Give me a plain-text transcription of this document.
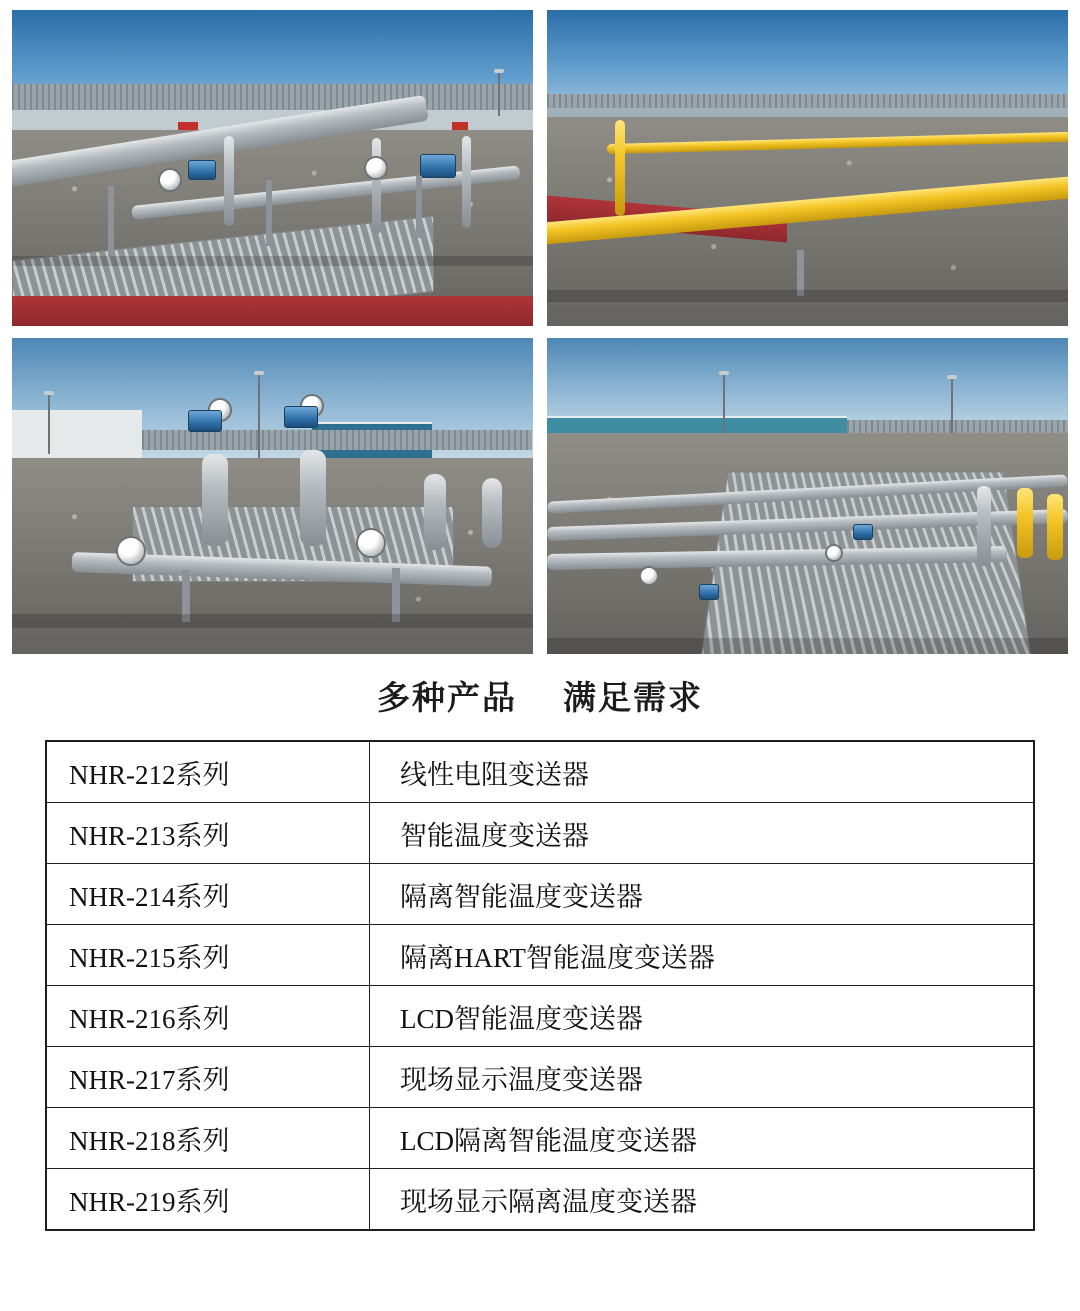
多种产品 满足需求
NHR-212系列	线性电阻变送器
NHR-213系列	智能温度变送器
NHR-214系列	隔离智能温度变送器
NHR-215系列	隔离HART智能温度变送器
NHR-216系列	LCD智能温度变送器
NHR-217系列	现场显示温度变送器
NHR-218系列	LCD隔离智能温度变送器
NHR-219系列	现场显示隔离温度变送器
